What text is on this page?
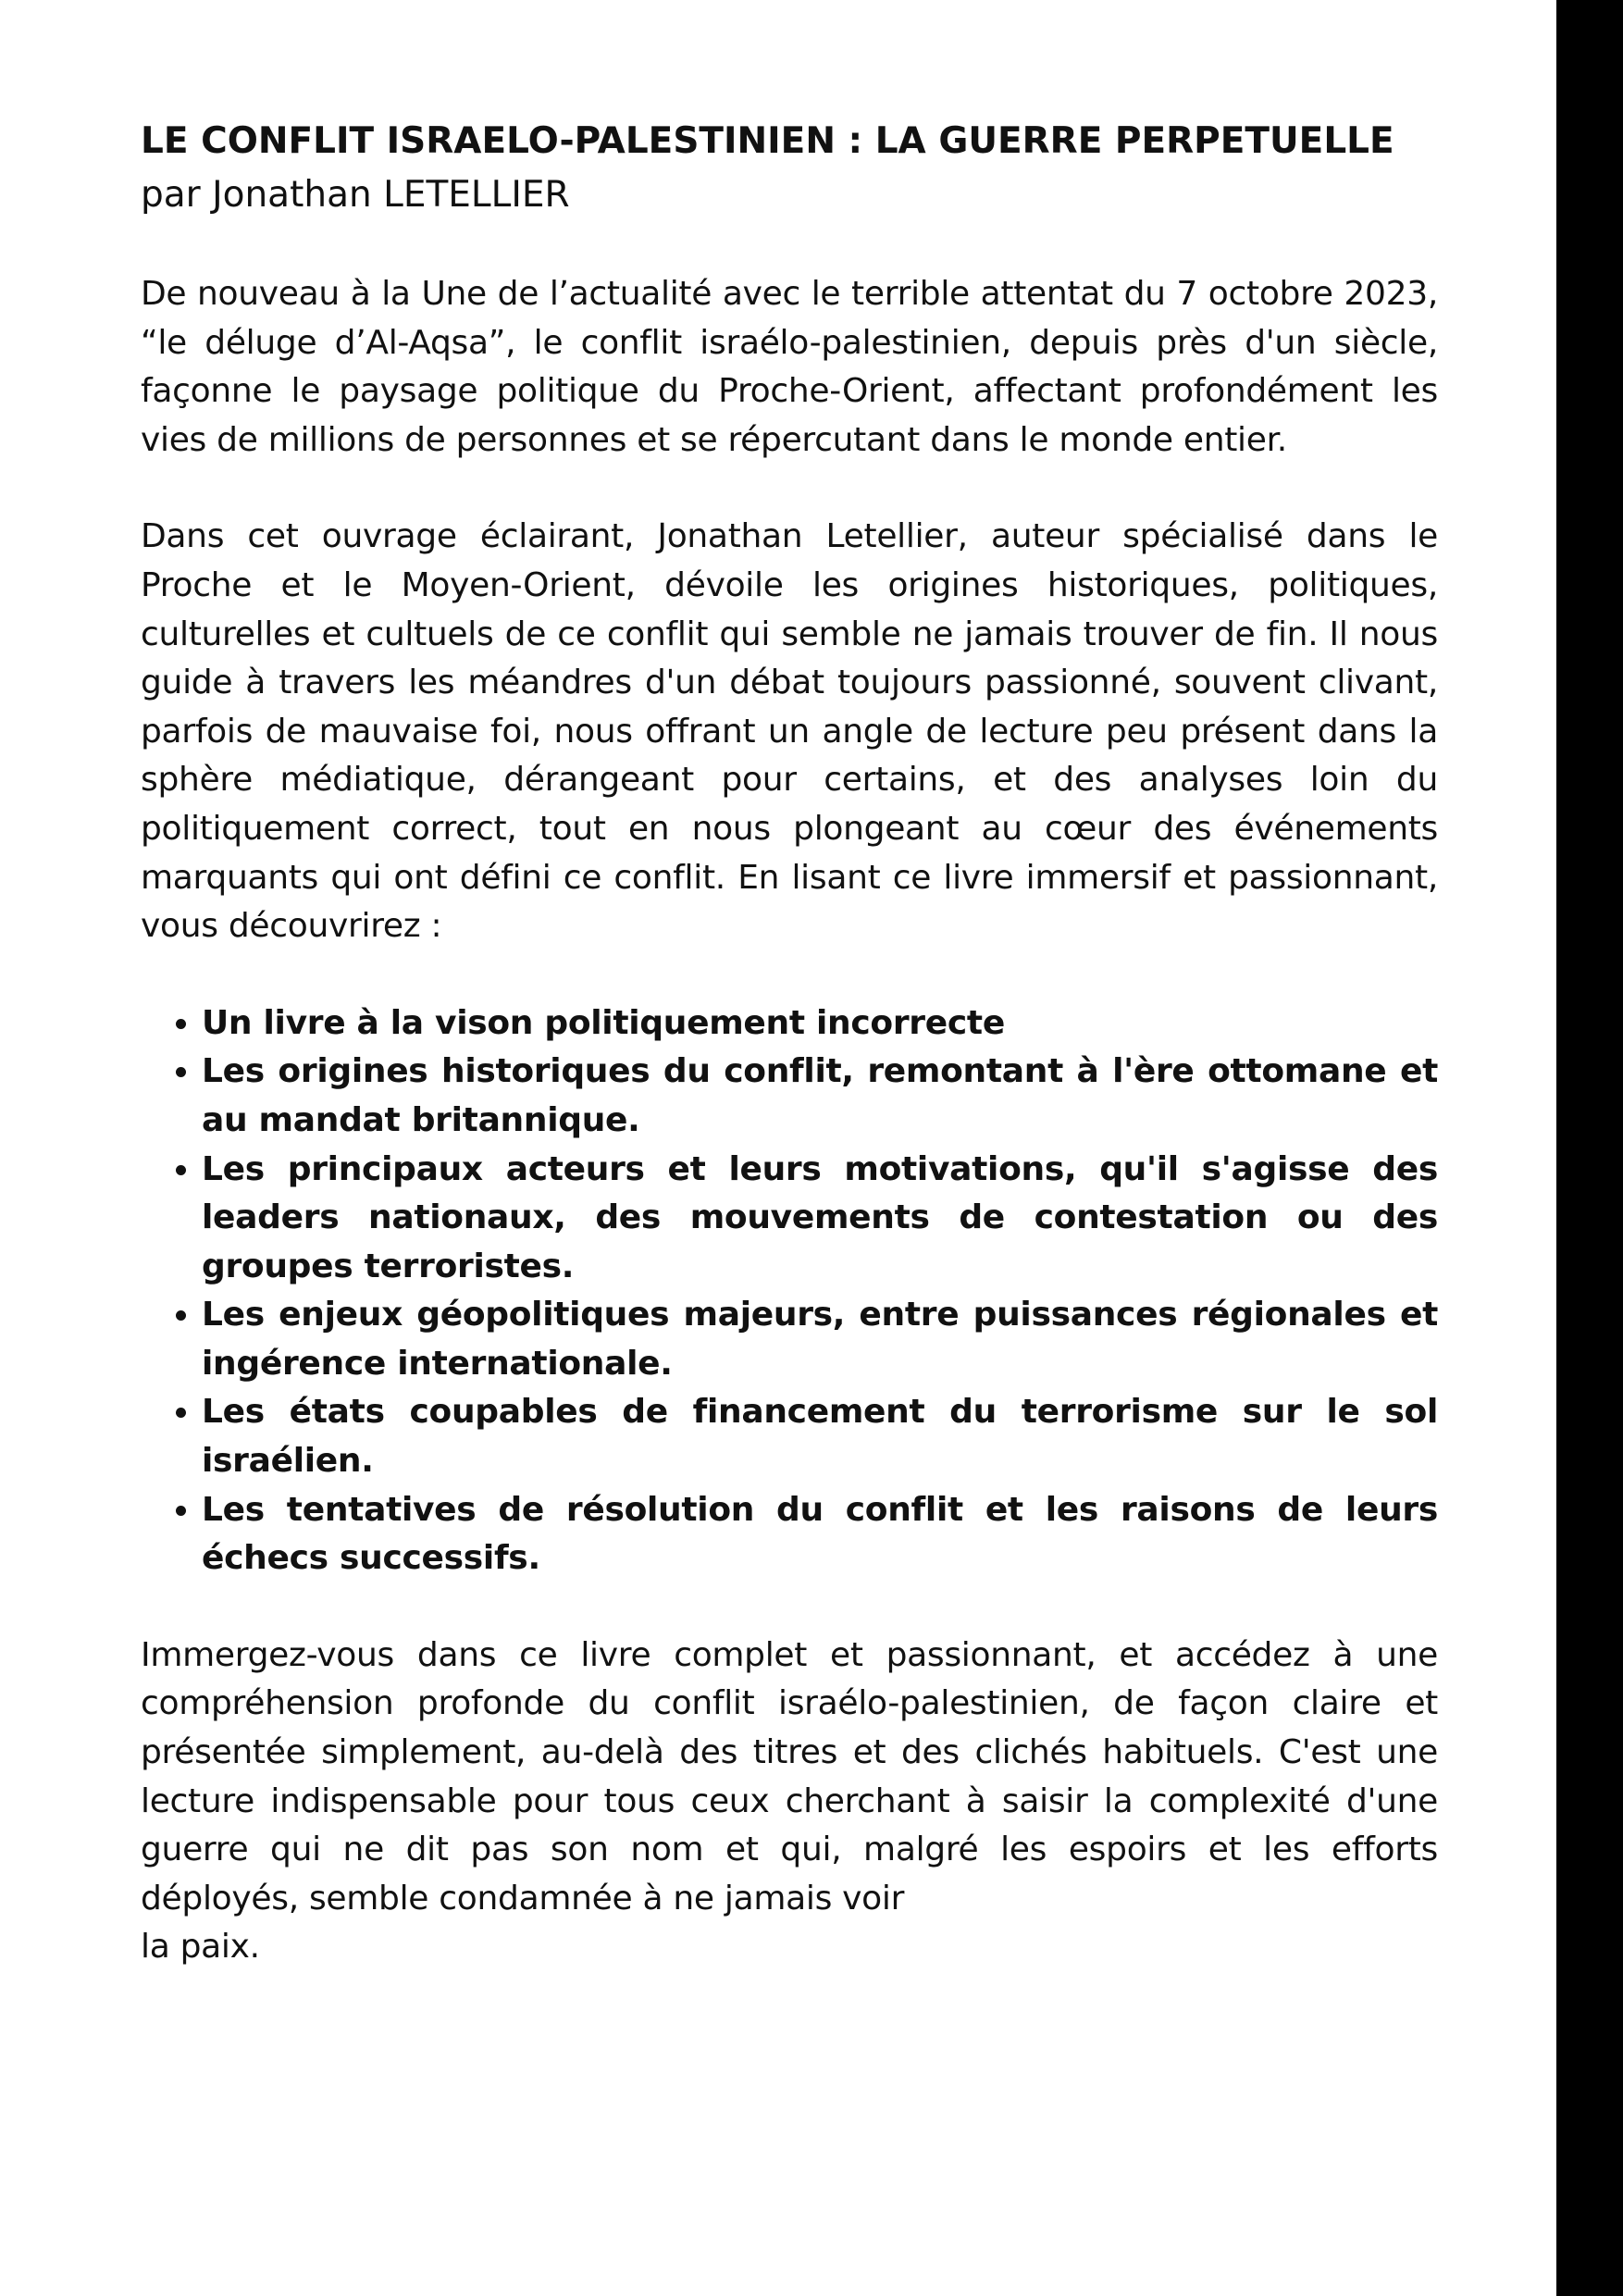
LE CONFLIT ISRAELO-PALESTINIEN : LA GUERRE PERPETUELLE

par Jonathan LETELLIER

De nouveau à la Une de l’actualité avec le terrible attentat du 7 octobre 2023, “le déluge d’Al-Aqsa”, le conflit israélo-palestinien, depuis près d'un siècle, façonne le paysage politique du Proche-Orient, affectant profondément les vies de millions de personnes et se répercutant dans le monde entier.

Dans cet ouvrage éclairant, Jonathan Letellier, auteur spécialisé dans le Proche et le Moyen-Orient, dévoile les origines historiques, politiques, culturelles et cultuels de ce conflit qui semble ne jamais trouver de fin. Il nous guide à travers les méandres d'un débat toujours passionné, souvent clivant, parfois de mauvaise foi, nous offrant un angle de lecture peu présent dans la sphère médiatique, dérangeant pour certains, et des analyses loin du politiquement correct, tout en nous plongeant au cœur des événements marquants qui ont défini ce conflit. En lisant ce livre immersif et passionnant, vous découvrirez :

• Un livre à la vison politiquement incorrecte
• Les origines historiques du conflit, remontant à l'ère ottomane et au mandat britannique.
• Les principaux acteurs et leurs motivations, qu'il s'agisse des leaders nationaux, des mouvements de contestation ou des groupes terroristes.
• Les enjeux géopolitiques majeurs, entre puissances régionales et ingérence internationale.
• Les états coupables de financement du terrorisme sur le sol israélien.
• Les tentatives de résolution du conflit et les raisons de leurs échecs successifs.

Immergez-vous dans ce livre complet et passionnant, et accédez à une compréhension profonde du conflit israélo-palestinien, de façon claire et présentée simplement, au-delà des titres et des clichés habituels. C'est une lecture indispensable pour tous ceux cherchant à saisir la complexité d'une guerre qui ne dit pas son nom et qui, malgré les espoirs et les efforts déployés, semble condamnée à ne jamais voir
la paix.
